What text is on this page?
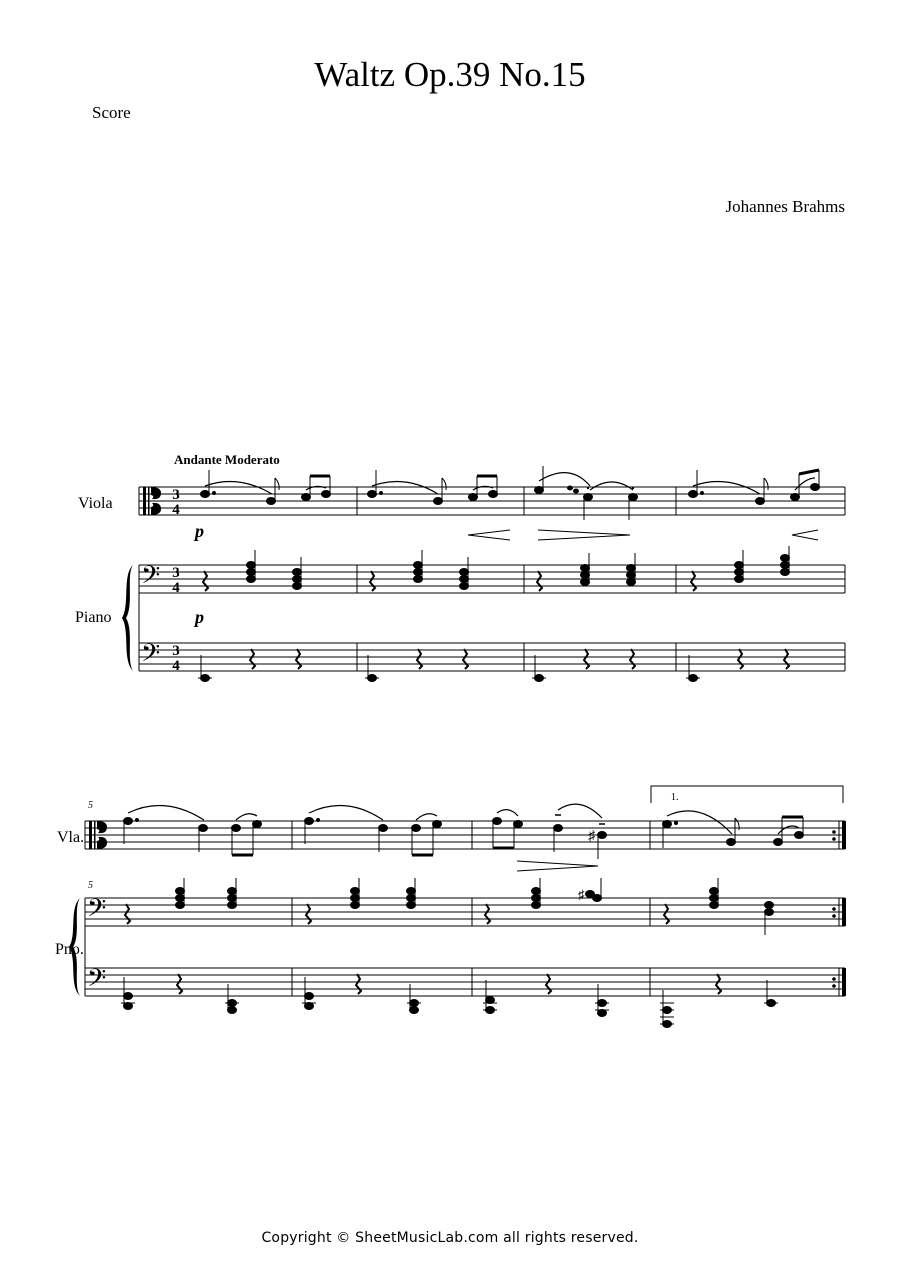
Waltz Op.39 No.15
Score
Johannes Brahms
Andante Moderato
Viola
Piano
Vla.
Pno.
𝄢
𝄢
3
4
3
4
3
4
p
p
5
5
𝄢
𝄢
1.
♯
♯
Copyright © SheetMusicLab.com all rights reserved.
